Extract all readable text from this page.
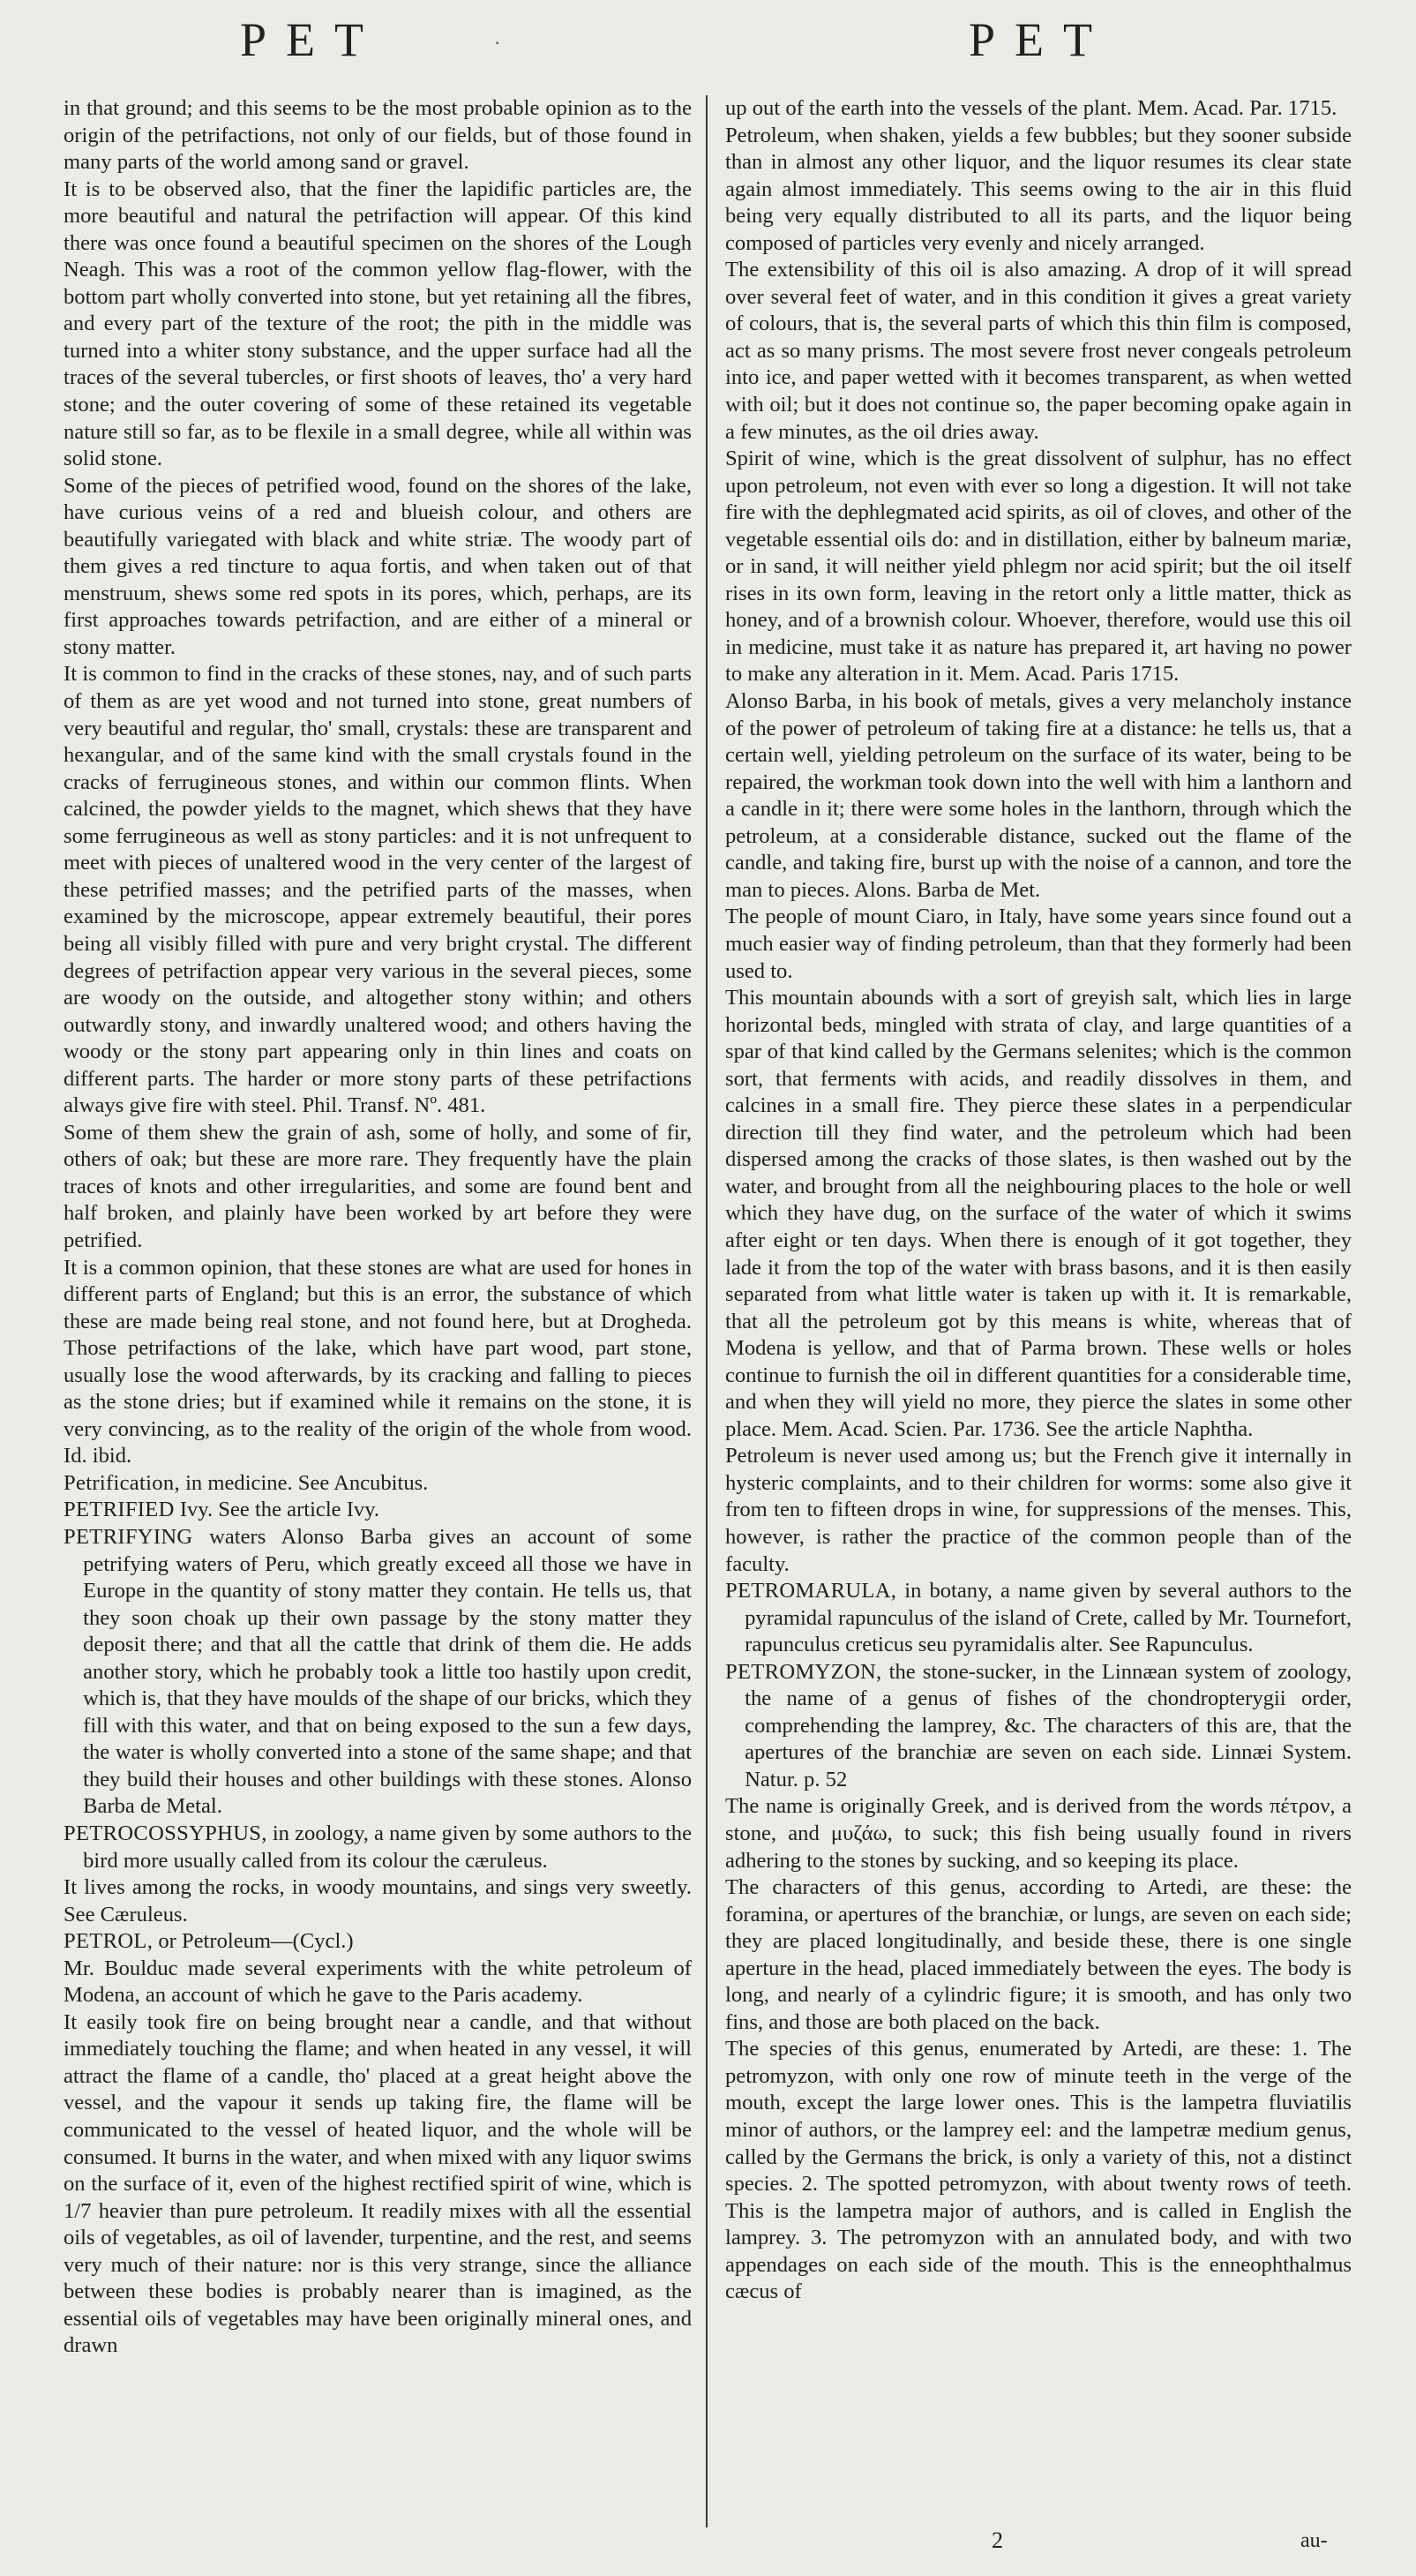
PET	·	PET

in that ground; and this seems to be the most probable opinion as to the origin of the petrifactions, not only of our fields, but of those found in many parts of the world among sand or gravel.

It is to be observed also, that the finer the lapidific particles are, the more beautiful and natural the petrifaction will appear. Of this kind there was once found a beautiful specimen on the shores of the Lough Neagh. This was a root of the common yellow flag-flower, with the bottom part wholly converted into stone, but yet retaining all the fibres, and every part of the texture of the root; the pith in the middle was turned into a whiter stony substance, and the upper surface had all the traces of the several tubercles, or first shoots of leaves, tho' a very hard stone; and the outer covering of some of these retained its vegetable nature still so far, as to be flexile in a small degree, while all within was solid stone.

Some of the pieces of petrified wood, found on the shores of the lake, have curious veins of a red and blueish colour, and others are beautifully variegated with black and white striæ. The woody part of them gives a red tincture to aqua fortis, and when taken out of that menstruum, shews some red spots in its pores, which, perhaps, are its first approaches towards petrifaction, and are either of a mineral or stony matter.

It is common to find in the cracks of these stones, nay, and of such parts of them as are yet wood and not turned into stone, great numbers of very beautiful and regular, tho' small, crystals: these are transparent and hexangular, and of the same kind with the small crystals found in the cracks of ferrugineous stones, and within our common flints. When calcined, the powder yields to the magnet, which shews that they have some ferrugineous as well as stony particles: and it is not unfrequent to meet with pieces of unaltered wood in the very center of the largest of these petrified masses; and the petrified parts of the masses, when examined by the microscope, appear extremely beautiful, their pores being all visibly filled with pure and very bright crystal. The different degrees of petrifaction appear very various in the several pieces, some are woody on the outside, and altogether stony within; and others outwardly stony, and inwardly unaltered wood; and others having the woody or the stony part appearing only in thin lines and coats on different parts. The harder or more stony parts of these petrifactions always give fire with steel. Phil. Transf. Nº. 481.

Some of them shew the grain of ash, some of holly, and some of fir, others of oak; but these are more rare. They frequently have the plain traces of knots and other irregularities, and some are found bent and half broken, and plainly have been worked by art before they were petrified.

It is a common opinion, that these stones are what are used for hones in different parts of England; but this is an error, the substance of which these are made being real stone, and not found here, but at Drogheda. Those petrifactions of the lake, which have part wood, part stone, usually lose the wood afterwards, by its cracking and falling to pieces as the stone dries; but if examined while it remains on the stone, it is very convincing, as to the reality of the origin of the whole from wood. Id. ibid.

Petrification, in medicine. See Ancubitus.

PETRIFIED Ivy. See the article Ivy.

PETRIFYING waters Alonso Barba gives an account of some petrifying waters of Peru, which greatly exceed all those we have in Europe in the quantity of stony matter they contain. He tells us, that they soon choak up their own passage by the stony matter they deposit there; and that all the cattle that drink of them die. He adds another story, which he probably took a little too hastily upon credit, which is, that they have moulds of the shape of our bricks, which they fill with this water, and that on being exposed to the sun a few days, the water is wholly converted into a stone of the same shape; and that they build their houses and other buildings with these stones. Alonso Barba de Metal.

PETROCOSSYPHUS, in zoology, a name given by some authors to the bird more usually called from its colour the cæruleus.

It lives among the rocks, in woody mountains, and sings very sweetly. See Cæruleus.

PETROL, or Petroleum—(Cycl.)

Mr. Boulduc made several experiments with the white petroleum of Modena, an account of which he gave to the Paris academy.

It easily took fire on being brought near a candle, and that without immediately touching the flame; and when heated in any vessel, it will attract the flame of a candle, tho' placed at a great height above the vessel, and the vapour it sends up taking fire, the flame will be communicated to the vessel of heated liquor, and the whole will be consumed. It burns in the water, and when mixed with any liquor swims on the surface of it, even of the highest rectified spirit of wine, which is 1/7 heavier than pure petroleum. It readily mixes with all the essential oils of vegetables, as oil of lavender, turpentine, and the rest, and seems very much of their nature: nor is this very strange, since the alliance between these bodies is probably nearer than is imagined, as the essential oils of vegetables may have been originally mineral ones, and drawn

up out of the earth into the vessels of the plant. Mem. Acad. Par. 1715.

Petroleum, when shaken, yields a few bubbles; but they sooner subside than in almost any other liquor, and the liquor resumes its clear state again almost immediately. This seems owing to the air in this fluid being very equally distributed to all its parts, and the liquor being composed of particles very evenly and nicely arranged.

The extensibility of this oil is also amazing. A drop of it will spread over several feet of water, and in this condition it gives a great variety of colours, that is, the several parts of which this thin film is composed, act as so many prisms. The most severe frost never congeals petroleum into ice, and paper wetted with it becomes transparent, as when wetted with oil; but it does not continue so, the paper becoming opake again in a few minutes, as the oil dries away.

Spirit of wine, which is the great dissolvent of sulphur, has no effect upon petroleum, not even with ever so long a digestion. It will not take fire with the dephlegmated acid spirits, as oil of cloves, and other of the vegetable essential oils do: and in distillation, either by balneum mariæ, or in sand, it will neither yield phlegm nor acid spirit; but the oil itself rises in its own form, leaving in the retort only a little matter, thick as honey, and of a brownish colour. Whoever, therefore, would use this oil in medicine, must take it as nature has prepared it, art having no power to make any alteration in it. Mem. Acad. Paris 1715.

Alonso Barba, in his book of metals, gives a very melancholy instance of the power of petroleum of taking fire at a distance: he tells us, that a certain well, yielding petroleum on the surface of its water, being to be repaired, the workman took down into the well with him a lanthorn and a candle in it; there were some holes in the lanthorn, through which the petroleum, at a considerable distance, sucked out the flame of the candle, and taking fire, burst up with the noise of a cannon, and tore the man to pieces. Alons. Barba de Met.

The people of mount Ciaro, in Italy, have some years since found out a much easier way of finding petroleum, than that they formerly had been used to.

This mountain abounds with a sort of greyish salt, which lies in large horizontal beds, mingled with strata of clay, and large quantities of a spar of that kind called by the Germans selenites; which is the common sort, that ferments with acids, and readily dissolves in them, and calcines in a small fire. They pierce these slates in a perpendicular direction till they find water, and the petroleum which had been dispersed among the cracks of those slates, is then washed out by the water, and brought from all the neighbouring places to the hole or well which they have dug, on the surface of the water of which it swims after eight or ten days. When there is enough of it got together, they lade it from the top of the water with brass basons, and it is then easily separated from what little water is taken up with it. It is remarkable, that all the petroleum got by this means is white, whereas that of Modena is yellow, and that of Parma brown. These wells or holes continue to furnish the oil in different quantities for a considerable time, and when they will yield no more, they pierce the slates in some other place. Mem. Acad. Scien. Par. 1736. See the article Naphtha.

Petroleum is never used among us; but the French give it internally in hysteric complaints, and to their children for worms: some also give it from ten to fifteen drops in wine, for suppressions of the menses. This, however, is rather the practice of the common people than of the faculty.

PETROMARULA, in botany, a name given by several authors to the pyramidal rapunculus of the island of Crete, called by Mr. Tournefort, rapunculus creticus seu pyramidalis alter. See Rapunculus.

PETROMYZON, the stone-sucker, in the Linnæan system of zoology, the name of a genus of fishes of the chondropterygii order, comprehending the lamprey, &c. The characters of this are, that the apertures of the branchiæ are seven on each side. Linnæi System. Natur. p. 52

The name is originally Greek, and is derived from the words πέτρον, a stone, and μυζάω, to suck; this fish being usually found in rivers adhering to the stones by sucking, and so keeping its place.

The characters of this genus, according to Artedi, are these: the foramina, or apertures of the branchiæ, or lungs, are seven on each side; they are placed longitudinally, and beside these, there is one single aperture in the head, placed immediately between the eyes. The body is long, and nearly of a cylindric figure; it is smooth, and has only two fins, and those are both placed on the back.

The species of this genus, enumerated by Artedi, are these: 1. The petromyzon, with only one row of minute teeth in the verge of the mouth, except the large lower ones. This is the lampetra fluviatilis minor of authors, or the lamprey eel: and the lampetræ medium genus, called by the Germans the brick, is only a variety of this, not a distinct species. 2. The spotted petromyzon, with about twenty rows of teeth. This is the lampetra major of authors, and is called in English the lamprey. 3. The petromyzon with an annulated body, and with two appendages on each side of the mouth. This is the enneophthalmus cæcus of

2	au-
